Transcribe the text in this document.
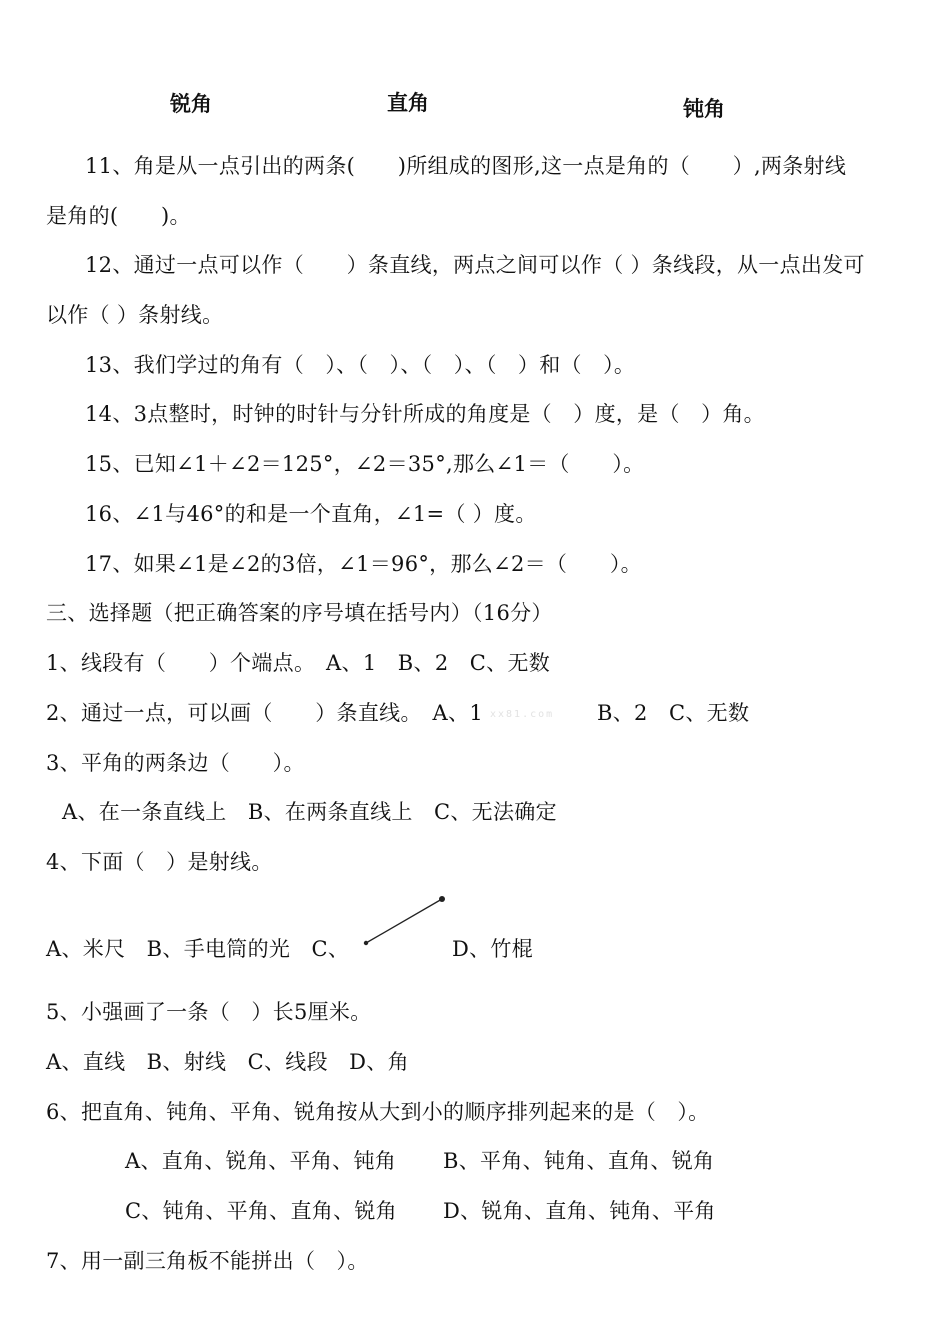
锐角	直角	钝角
11、角是从一点引出的两条(　　)所组成的图形,这一点是角的（　　）,两条射线
是角的(　　)。
12、通过一点可以作（　　）条直线，两点之间可以作（ ）条线段，从一点出发可
以作（ ）条射线。
13、我们学过的角有（　）、（　）、（　）、（　）和（　）。
14、3点整时，时钟的时针与分针所成的角度是（　）度，是（　）角。
15、已知∠1＋∠2＝125°，∠2＝35°,那么∠1＝（　　）。
16、∠1与46°的和是一个直角，∠1=（ ）度。
17、如果∠1是∠2的3倍，∠1＝96°，那么∠2＝（　　）。
三、选择题（把正确答案的序号填在括号内）（16分）
1、线段有（　　）个端点。　A、1　B、2　C、无数
2、通过一点，可以画（　　）条直线。　A、1 xx81.com B、2　C、无数
3、平角的两条边（　　）。
A、在一条直线上　B、在两条直线上　C、无法确定
4、下面（　）是射线。
A、米尺　B、手电筒的光　C、	D、竹棍
5、小强画了一条（　）长5厘米。
A、直线　B、射线　C、线段　D、角
6、把直角、钝角、平角、锐角按从大到小的顺序排列起来的是（　）。
A、直角、锐角、平角、钝角 B、平角、钝角、直角、锐角
C、钝角、平角、直角、锐角 D、锐角、直角、钝角、平角
7、用一副三角板不能拼出（　）。
